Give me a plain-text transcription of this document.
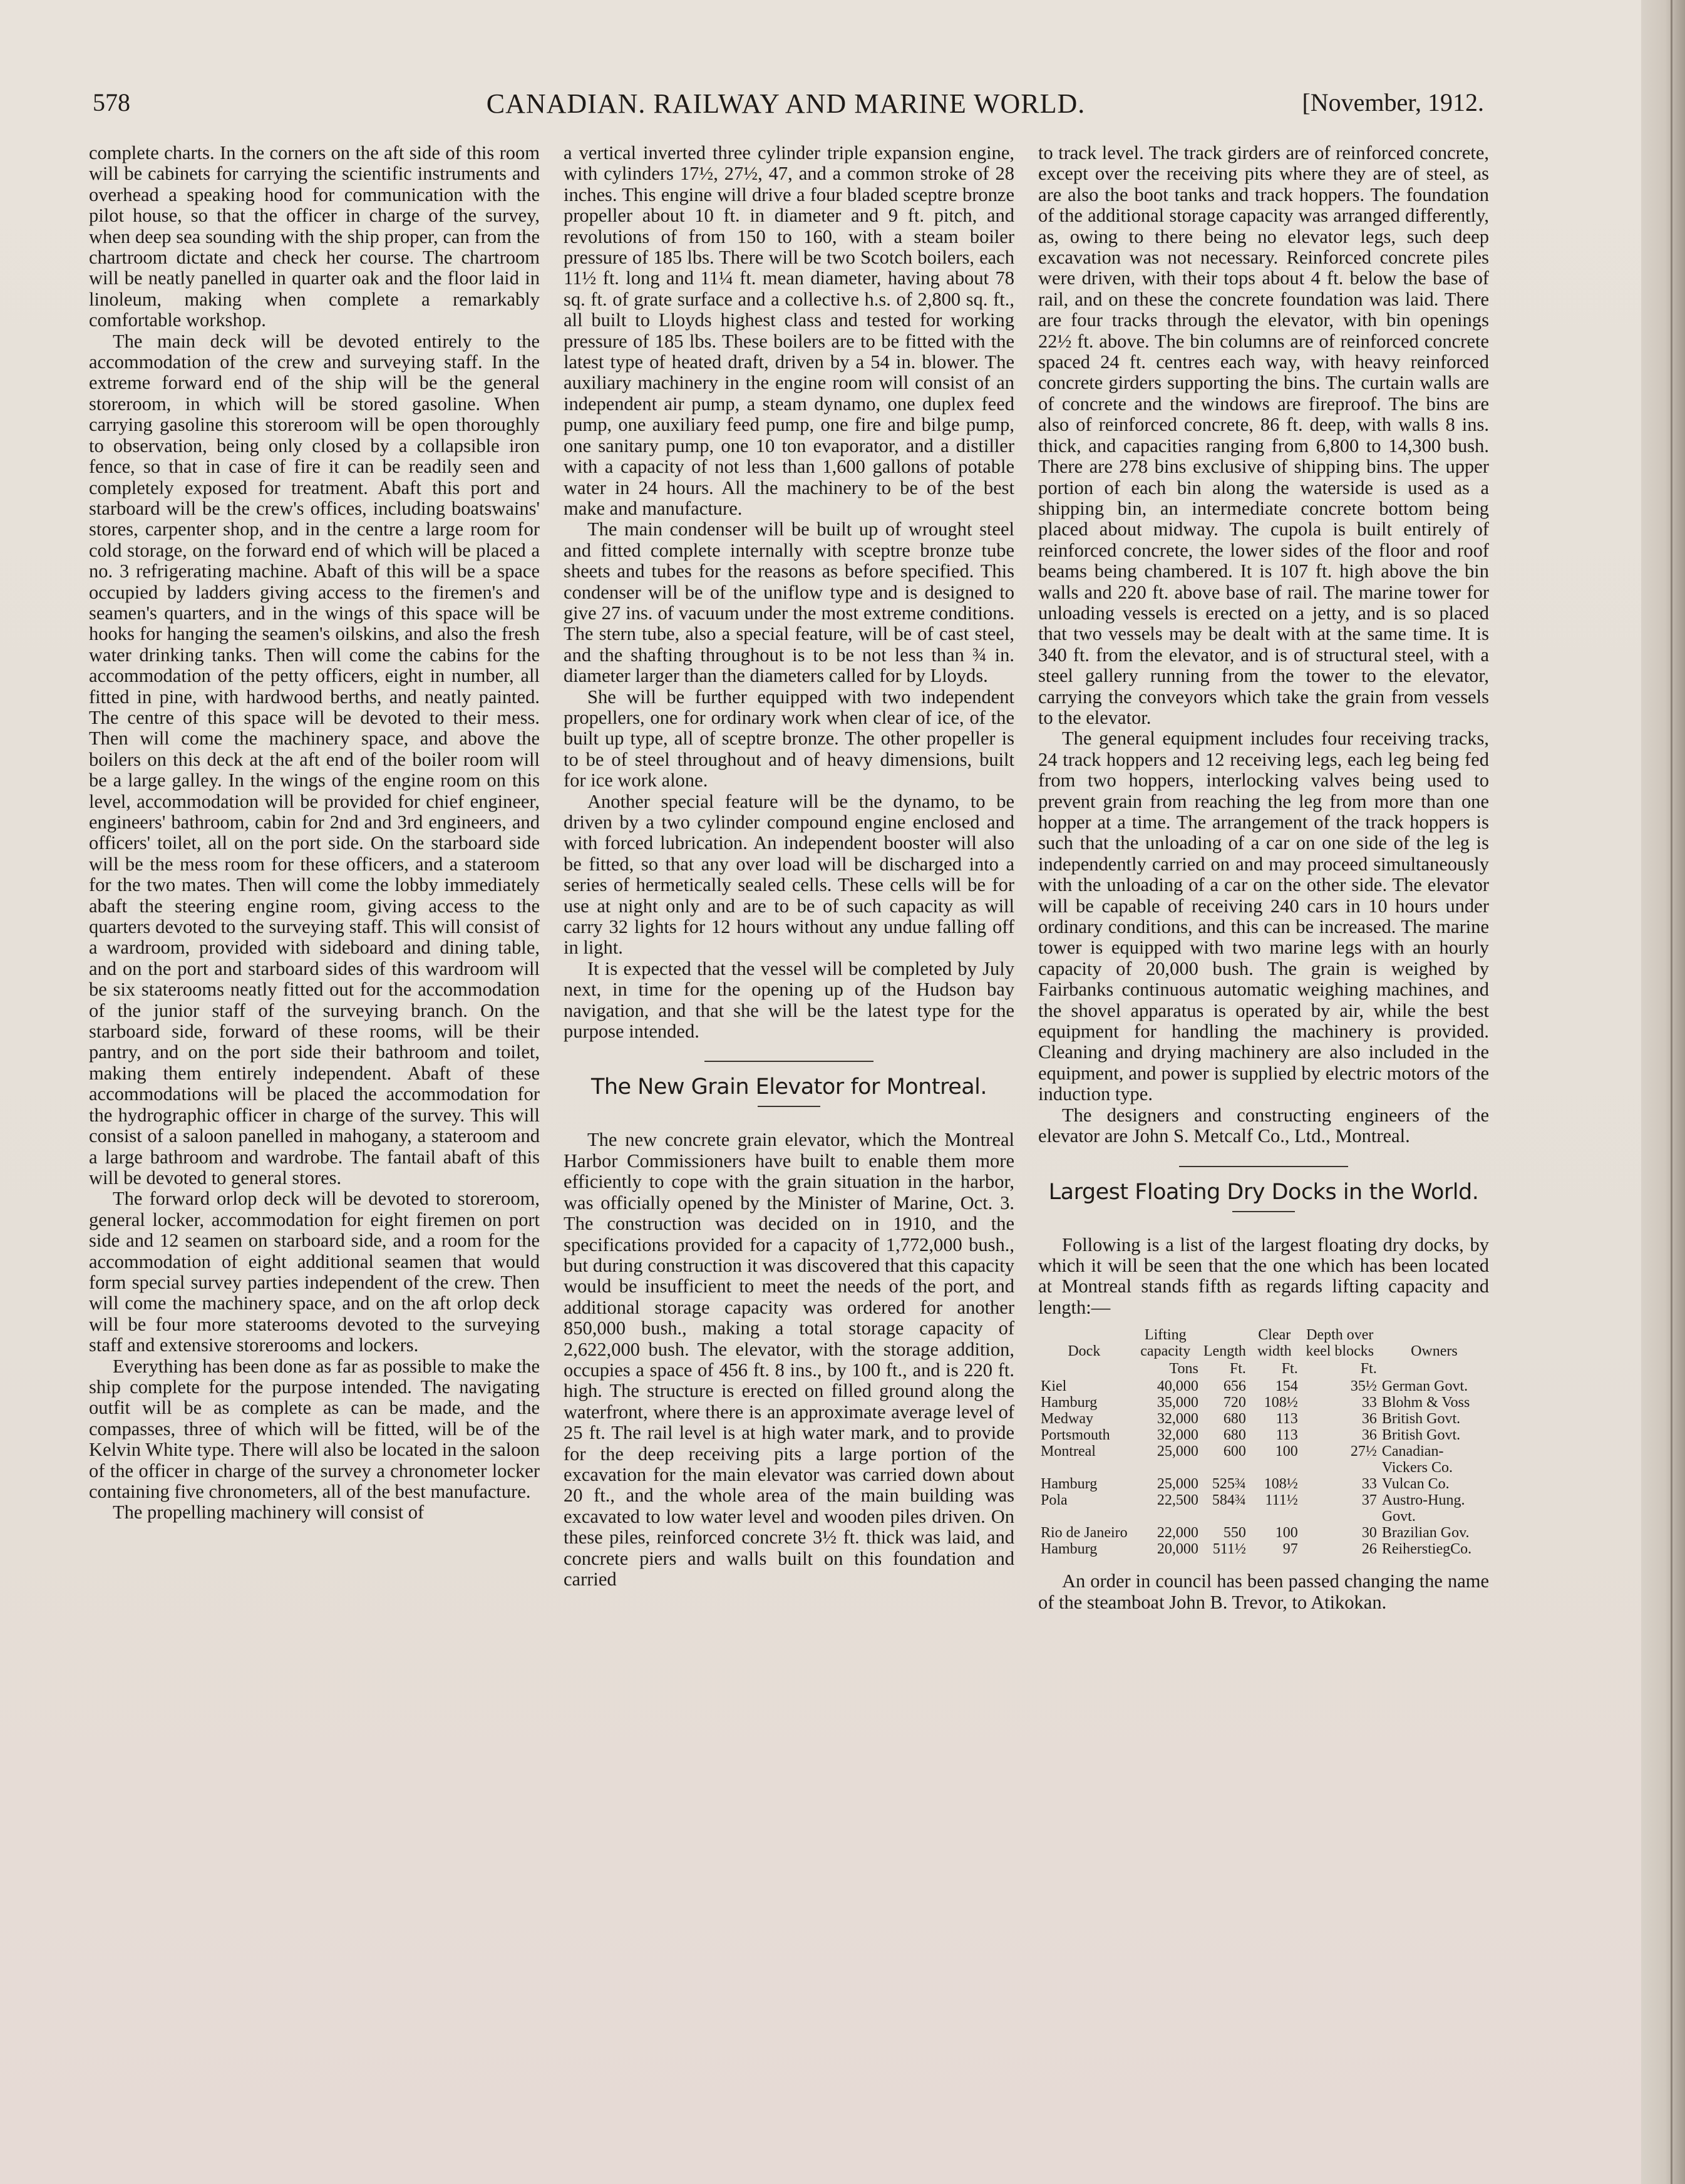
578	CANADIAN. RAILWAY AND MARINE WORLD.	[November, 1912.

complete charts. In the corners on the aft side of this room will be cabinets for carrying the scientific instruments and overhead a speaking hood for communication with the pilot house, so that the officer in charge of the survey, when deep sea sounding with the ship proper, can from the chartroom dictate and check her course. The chartroom will be neatly panelled in quarter oak and the floor laid in linoleum, making when complete a remarkably comfortable workshop.

The main deck will be devoted entirely to the accommodation of the crew and surveying staff. In the extreme forward end of the ship will be the general storeroom, in which will be stored gasoline. When carrying gasoline this storeroom will be open thoroughly to observation, being only closed by a collapsible iron fence, so that in case of fire it can be readily seen and completely exposed for treatment. Abaft this port and starboard will be the crew's offices, including boatswains' stores, carpenter shop, and in the centre a large room for cold storage, on the forward end of which will be placed a no. 3 refrigerating machine. Abaft of this will be a space occupied by ladders giving access to the firemen's and seamen's quarters, and in the wings of this space will be hooks for hanging the seamen's oilskins, and also the fresh water drinking tanks. Then will come the cabins for the accommodation of the petty officers, eight in number, all fitted in pine, with hardwood berths, and neatly painted. The centre of this space will be devoted to their mess. Then will come the machinery space, and above the boilers on this deck at the aft end of the boiler room will be a large galley. In the wings of the engine room on this level, accommodation will be provided for chief engineer, engineers' bathroom, cabin for 2nd and 3rd engineers, and officers' toilet, all on the port side. On the starboard side will be the mess room for these officers, and a stateroom for the two mates. Then will come the lobby immediately abaft the steering engine room, giving access to the quarters devoted to the surveying staff. This will consist of a wardroom, provided with sideboard and dining table, and on the port and starboard sides of this wardroom will be six staterooms neatly fitted out for the accommodation of the junior staff of the surveying branch. On the starboard side, forward of these rooms, will be their pantry, and on the port side their bathroom and toilet, making them entirely independent. Abaft of these accommodations will be placed the accommodation for the hydrographic officer in charge of the survey. This will consist of a saloon panelled in mahogany, a stateroom and a large bathroom and wardrobe. The fantail abaft of this will be devoted to general stores.

The forward orlop deck will be devoted to storeroom, general locker, accommodation for eight firemen on port side and 12 seamen on starboard side, and a room for the accommodation of eight additional seamen that would form special survey parties independent of the crew. Then will come the machinery space, and on the aft orlop deck will be four more staterooms devoted to the surveying staff and extensive storerooms and lockers.

Everything has been done as far as possible to make the ship complete for the purpose intended. The navigating outfit will be as complete as can be made, and the compasses, three of which will be fitted, will be of the Kelvin White type. There will also be located in the saloon of the officer in charge of the survey a chronometer locker containing five chronometers, all of the best manufacture.

The propelling machinery will consist of

a vertical inverted three cylinder triple expansion engine, with cylinders 17½, 27½, 47, and a common stroke of 28 inches. This engine will drive a four bladed sceptre bronze propeller about 10 ft. in diameter and 9 ft. pitch, and revolutions of from 150 to 160, with a steam boiler pressure of 185 lbs. There will be two Scotch boilers, each 11½ ft. long and 11¼ ft. mean diameter, having about 78 sq. ft. of grate surface and a collective h.s. of 2,800 sq. ft., all built to Lloyds highest class and tested for working pressure of 185 lbs. These boilers are to be fitted with the latest type of heated draft, driven by a 54 in. blower. The auxiliary machinery in the engine room will consist of an independent air pump, a steam dynamo, one duplex feed pump, one auxiliary feed pump, one fire and bilge pump, one sanitary pump, one 10 ton evaporator, and a distiller with a capacity of not less than 1,600 gallons of potable water in 24 hours. All the machinery to be of the best make and manufacture.

The main condenser will be built up of wrought steel and fitted complete internally with sceptre bronze tube sheets and tubes for the reasons as before specified. This condenser will be of the uniflow type and is designed to give 27 ins. of vacuum under the most extreme conditions. The stern tube, also a special feature, will be of cast steel, and the shafting throughout is to be not less than ¾ in. diameter larger than the diameters called for by Lloyds.

She will be further equipped with two independent propellers, one for ordinary work when clear of ice, of the built up type, all of sceptre bronze. The other propeller is to be of steel throughout and of heavy dimensions, built for ice work alone.

Another special feature will be the dynamo, to be driven by a two cylinder compound engine enclosed and with forced lubrication. An independent booster will also be fitted, so that any over load will be discharged into a series of hermetically sealed cells. These cells will be for use at night only and are to be of such capacity as will carry 32 lights for 12 hours without any undue falling off in light.

It is expected that the vessel will be completed by July next, in time for the opening up of the Hudson bay navigation, and that she will be the latest type for the purpose intended.

The New Grain Elevator for Montreal.

The new concrete grain elevator, which the Montreal Harbor Commissioners have built to enable them more efficiently to cope with the grain situation in the harbor, was officially opened by the Minister of Marine, Oct. 3. The construction was decided on in 1910, and the specifications provided for a capacity of 1,772,000 bush., but during construction it was discovered that this capacity would be insufficient to meet the needs of the port, and additional storage capacity was ordered for another 850,000 bush., making a total storage capacity of 2,622,000 bush. The elevator, with the storage addition, occupies a space of 456 ft. 8 ins., by 100 ft., and is 220 ft. high. The structure is erected on filled ground along the waterfront, where there is an approximate average level of 25 ft. The rail level is at high water mark, and to provide for the deep receiving pits a large portion of the excavation for the main elevator was carried down about 20 ft., and the whole area of the main building was excavated to low water level and wooden piles driven. On these piles, reinforced concrete 3½ ft. thick was laid, and concrete piers and walls built on this foundation and carried

to track level. The track girders are of reinforced concrete, except over the receiving pits where they are of steel, as are also the boot tanks and track hoppers. The foundation of the additional storage capacity was arranged differently, as, owing to there being no elevator legs, such deep excavation was not necessary. Reinforced concrete piles were driven, with their tops about 4 ft. below the base of rail, and on these the concrete foundation was laid. There are four tracks through the elevator, with bin openings 22½ ft. above. The bin columns are of reinforced concrete spaced 24 ft. centres each way, with heavy reinforced concrete girders supporting the bins. The curtain walls are of concrete and the windows are fireproof. The bins are also of reinforced concrete, 86 ft. deep, with walls 8 ins. thick, and capacities ranging from 6,800 to 14,300 bush. There are 278 bins exclusive of shipping bins. The upper portion of each bin along the waterside is used as a shipping bin, an intermediate concrete bottom being placed about midway. The cupola is built entirely of reinforced concrete, the lower sides of the floor and roof beams being chambered. It is 107 ft. high above the bin walls and 220 ft. above base of rail. The marine tower for unloading vessels is erected on a jetty, and is so placed that two vessels may be dealt with at the same time. It is 340 ft. from the elevator, and is of structural steel, with a steel gallery running from the tower to the elevator, carrying the conveyors which take the grain from vessels to the elevator.

The general equipment includes four receiving tracks, 24 track hoppers and 12 receiving legs, each leg being fed from two hoppers, interlocking valves being used to prevent grain from reaching the leg from more than one hopper at a time. The arrangement of the track hoppers is such that the unloading of a car on one side of the leg is independently carried on and may proceed simultaneously with the unloading of a car on the other side. The elevator will be capable of receiving 240 cars in 10 hours under ordinary conditions, and this can be increased. The marine tower is equipped with two marine legs with an hourly capacity of 20,000 bush. The grain is weighed by Fairbanks continuous automatic weighing machines, and the shovel apparatus is operated by air, while the best equipment for handling the machinery is provided. Cleaning and drying machinery are also included in the equipment, and power is supplied by electric motors of the induction type.

The designers and constructing engineers of the elevator are John S. Metcalf Co., Ltd., Montreal.

Largest Floating Dry Docks in the World.

Following is a list of the largest floating dry docks, by which it will be seen that the one which has been located at Montreal stands fifth as regards lifting capacity and length:—

Dock	Lifting capacity	Length	Clear width	Depth over keel blocks	Owners
	Tons	Ft.	Ft.	Ft.	
Kiel	40,000	656	154	35½	German Govt.
Hamburg	35,000	720	108½	33	Blohm & Voss
Medway	32,000	680	113	36	British Govt.
Portsmouth	32,000	680	113	36	British Govt.
Montreal	25,000	600	100	27½	Canadian-Vickers Co.
Hamburg	25,000	525¾	108½	33	Vulcan Co.
Pola	22,500	584¾	111½	37	Austro-Hung. Govt.
Rio de Janeiro	22,000	550	100	30	Brazilian Gov.
Hamburg	20,000	511½	97	26	ReiherstiegCo.

An order in council has been passed changing the name of the steamboat John B. Trevor, to Atikokan.
